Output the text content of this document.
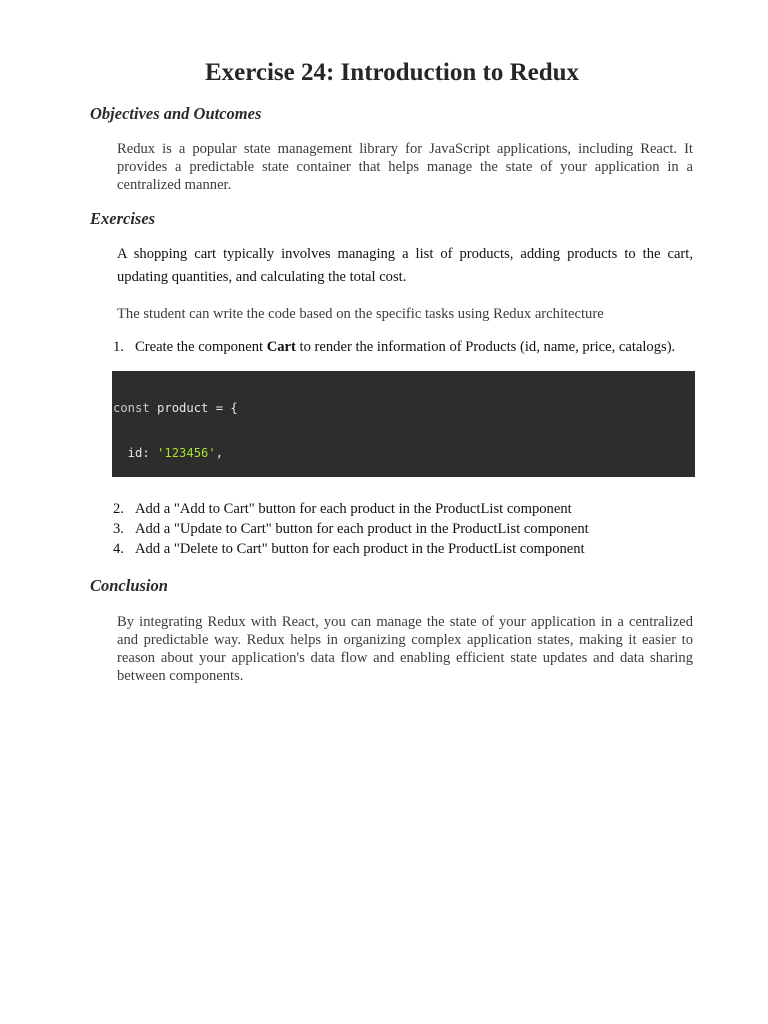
Exercise 24: Introduction to Redux
Objectives and Outcomes

Redux is a popular state management library for JavaScript applications, including React. It provides a predictable state container that helps manage the state of your application in a centralized manner.

Exercises

A shopping cart typically involves managing a list of products, adding products to the cart, updating quantities, and calculating the total cost.

The student can write the code based on the specific tasks using Redux architecture

1. Create the component Cart to render the information of Products (id, name, price, catalogs).

const product = {

id: '123456',

2. Add a "Add to Cart" button for each product in the ProductList component
3. Add a "Update to Cart" button for each product in the ProductList component
4. Add a "Delete to Cart" button for each product in the ProductList component
Conclusion

By integrating Redux with React, you can manage the state of your application in a centralized and predictable way. Redux helps in organizing complex application states, making it easier to reason about your application's data flow and enabling efficient state updates and data sharing between components.
